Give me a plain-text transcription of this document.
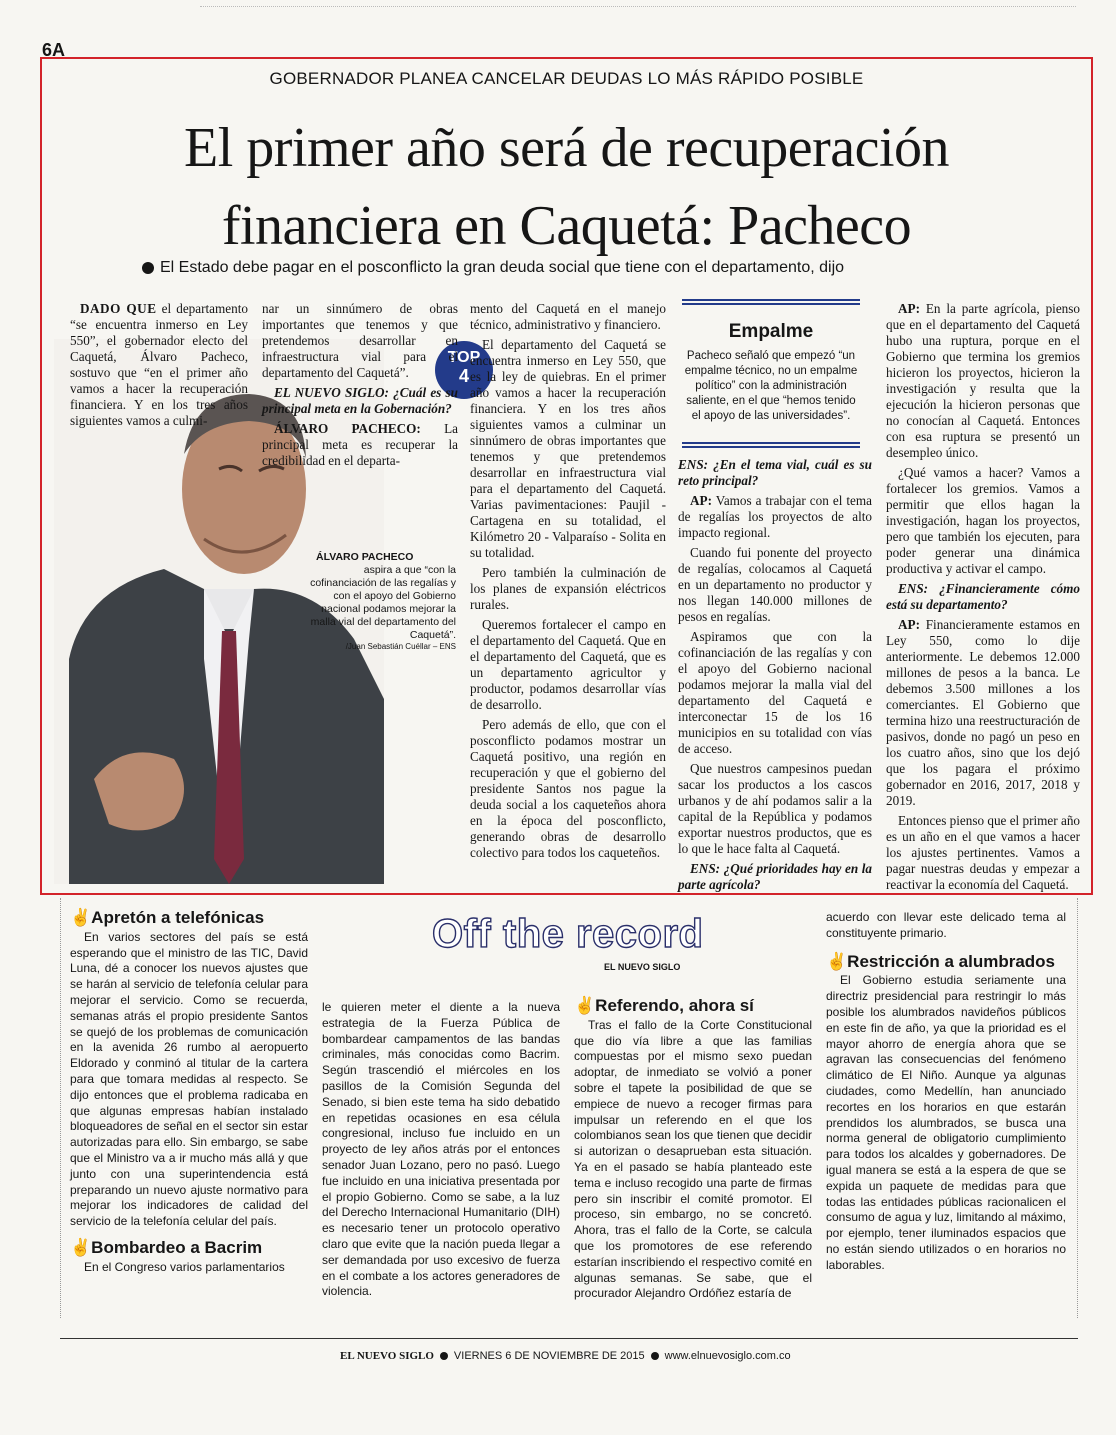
6A
GOBERNADOR PLANEA CANCELAR DEUDAS LO MÁS RÁPIDO POSIBLE
El primer año será de recuperación
financiera en Caquetá: Pacheco
El Estado debe pagar en el posconflicto la gran deuda social que tiene con el departamento, dijo
TOP
4

DADO QUE el departamento “se encuentra inmerso en Ley 550”, el gobernador electo del Caquetá, Álvaro Pacheco, sostuvo que “en el primer año vamos a hacer la recuperación financiera. Y en los tres años siguientes vamos a culmi-

nar un sinnúmero de obras importantes que tenemos y que pretendemos desarrollar en infraestructura vial para el departamento del Caquetá”.

EL NUEVO SIGLO: ¿Cuál es su principal meta en la Gobernación?

ÁLVARO PACHECO: La principal meta es recuperar la credibilidad en el departa-

ÁLVARO PACHECO
aspira a que “con la cofinanciación de las regalías y con el apoyo del Gobierno nacional podamos mejorar la malla vial del departamento del Caquetá”.
/Juan Sebastián Cuéllar – ENS

mento del Caquetá en el manejo técnico, administrativo y financiero.

El departamento del Caquetá se encuentra inmerso en Ley 550, que es la ley de quiebras. En el primer año vamos a hacer la recuperación financiera. Y en los tres años siguientes vamos a culminar un sinnúmero de obras importantes que tenemos y que pretendemos desarrollar en infraestructura vial para el departamento del Caquetá. Varias pavimentaciones: Paujil - Cartagena en su totalidad, el Kilómetro 20 - Valparaíso - Solita en su totalidad.

Pero también la culminación de los planes de expansión eléctricos rurales.

Queremos fortalecer el campo en el departamento del Caquetá. Que en el departamento del Caquetá, que es un departamento agricultor y productor, podamos desarrollar vías de desarrollo.

Pero además de ello, que con el posconflicto podamos mostrar un Caquetá positivo, una región en recuperación y que el gobierno del presidente Santos nos pague la deuda social a los caqueteños ahora en la época del posconflicto, generando obras de desarrollo colectivo para todos los caqueteños.

Empalme
Pacheco señaló que empezó “un empalme técnico, no un empalme político” con la administración saliente, en el que “hemos tenido el apoyo de las universidades”.

ENS: ¿En el tema vial, cuál es su reto principal?

AP: Vamos a trabajar con el tema de regalías los proyectos de alto impacto regional.

Cuando fui ponente del proyecto de regalías, colocamos al Caquetá en un departamento no productor y nos llegan 140.000 millones de pesos en regalías.

Aspiramos que con la cofinanciación de las regalías y con el apoyo del Gobierno nacional podamos mejorar la malla vial del departamento del Caquetá e interconectar 15 de los 16 municipios en su totalidad con vías de acceso.

Que nuestros campesinos puedan sacar los productos a los cascos urbanos y de ahí podamos salir a la capital de la República y podamos exportar nuestros productos, que es lo que le hace falta al Caquetá.

ENS: ¿Qué prioridades hay en la parte agrícola?

AP: En la parte agrícola, pienso que en el departamento del Caquetá hubo una ruptura, porque en el Gobierno que termina los gremios hicieron los proyectos, hicieron la investigación y resulta que la ejecución la hicieron personas que no conocían al Caquetá. Entonces con esa ruptura se presentó un desempleo único.

¿Qué vamos a hacer? Vamos a fortalecer los gremios. Vamos a permitir que ellos hagan la investigación, hagan los proyectos, pero que también los ejecuten, para poder generar una dinámica productiva y activar el campo.

ENS: ¿Financieramente cómo está su departamento?

AP: Financieramente estamos en Ley 550, como lo dije anteriormente. Le debemos 12.000 millones de pesos a la banca. Le debemos 3.500 millones a los comerciantes. El Gobierno que termina hizo una reestructuración de pasivos, donde no pagó un peso en los cuatro años, sino que los dejó que los pagara el próximo gobernador en 2016, 2017, 2018 y 2019.

Entonces pienso que el primer año es un año en el que vamos a hacer los ajustes pertinentes. Vamos a pagar nuestras deudas y empezar a reactivar la economía del Caquetá.

Off the record
EL NUEVO SIGLO
✌Apretón a telefónicas

En varios sectores del país se está esperando que el ministro de las TIC, David Luna, dé a conocer los nuevos ajustes que se harán al servicio de telefonía celular para mejorar el servicio. Como se recuerda, semanas atrás el propio presidente Santos se quejó de los problemas de comunicación en la avenida 26 rumbo al aeropuerto Eldorado y conminó al titular de la cartera para que tomara medidas al respecto. Se dijo entonces que el problema radicaba en que algunas empresas habían instalado bloqueadores de señal en el sector sin estar autorizadas para ello. Sin embargo, se sabe que el Ministro va a ir mucho más allá y que junto con una superintendencia está preparando un nuevo ajuste normativo para mejorar los indicadores de calidad del servicio de la telefonía celular del país.

✌Bombardeo a Bacrim

En el Congreso varios parlamentarios

le quieren meter el diente a la nueva estrategia de la Fuerza Pública de bombardear campamentos de las bandas criminales, más conocidas como Bacrim. Según trascendió el miércoles en los pasillos de la Comisión Segunda del Senado, si bien este tema ha sido debatido en repetidas ocasiones en esa célula congresional, incluso fue incluido en un proyecto de ley años atrás por el entonces senador Juan Lozano, pero no pasó. Luego fue incluido en una iniciativa presentada por el propio Gobierno. Como se sabe, a la luz del Derecho Internacional Humanitario (DIH) es necesario tener un protocolo operativo claro que evite que la nación pueda llegar a ser demandada por uso excesivo de fuerza en el combate a los actores generadores de violencia.

✌Referendo, ahora sí

Tras el fallo de la Corte Constitucional que dio vía libre a que las familias compuestas por el mismo sexo puedan adoptar, de inmediato se volvió a poner sobre el tapete la posibilidad de que se empiece de nuevo a recoger firmas para impulsar un referendo en el que los colombianos sean los que tienen que decidir si autorizan o desaprueban esta situación. Ya en el pasado se había planteado este tema e incluso recogido una parte de firmas pero sin inscribir el comité promotor. El proceso, sin embargo, no se concretó. Ahora, tras el fallo de la Corte, se calcula que los promotores de ese referendo estarían inscribiendo el respectivo comité en algunas semanas. Se sabe, que el procurador Alejandro Ordóñez estaría de

acuerdo con llevar este delicado tema al constituyente primario.

✌Restricción a alumbrados

El Gobierno estudia seriamente una directriz presidencial para restringir lo más posible los alumbrados navideños públicos en este fin de año, ya que la prioridad es el mayor ahorro de energía ahora que se agravan las consecuencias del fenómeno climático de El Niño. Aunque ya algunas ciudades, como Medellín, han anunciado recortes en los horarios en que estarán prendidos los alumbrados, se busca una norma general de obligatorio cumplimiento para todos los alcaldes y gobernadores. De igual manera se está a la espera de que se expida un paquete de medidas para que todas las entidades públicas racionalicen el consumo de agua y luz, limitando al máximo, por ejemplo, tener iluminados espacios que no están siendo utilizados o en horarios no laborables.

EL NUEVO SIGLO VIERNES 6 DE NOVIEMBRE DE 2015 www.elnuevosiglo.com.co
